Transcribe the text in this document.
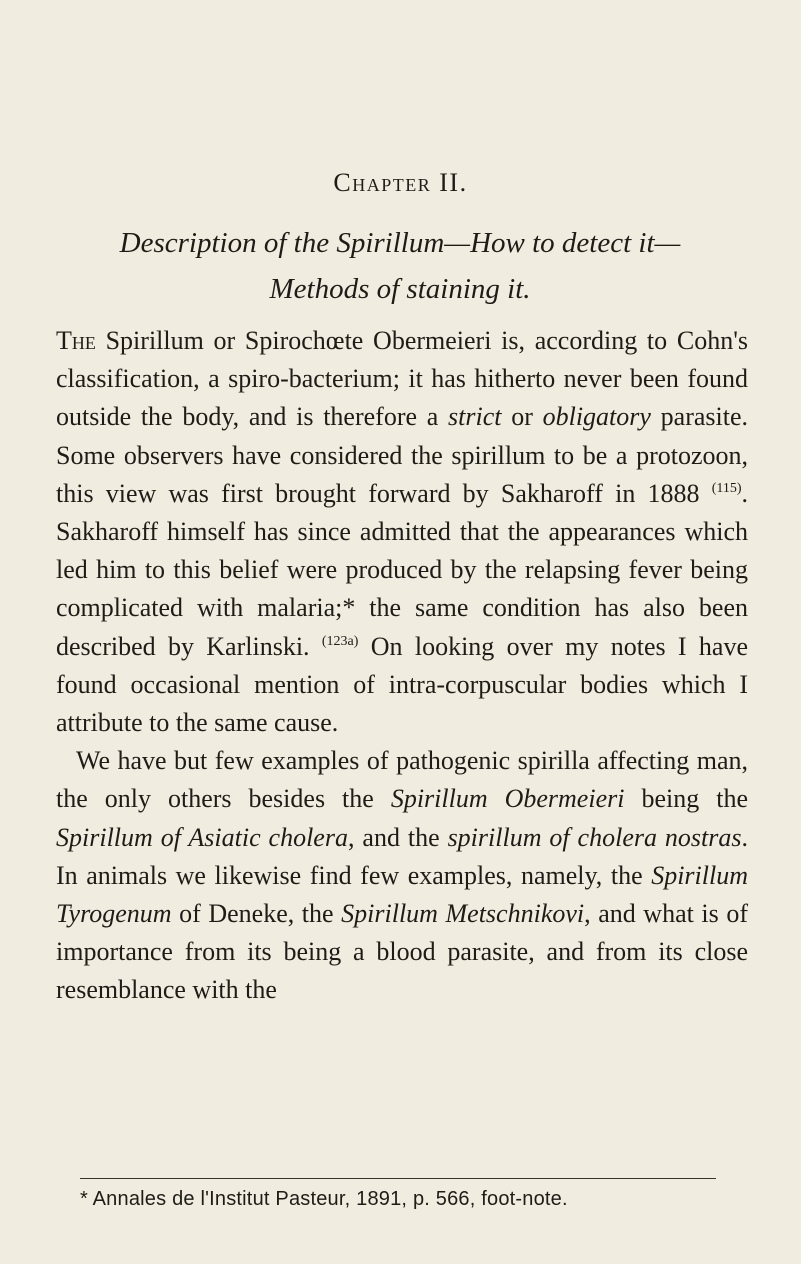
Chapter II.
Description of the Spirillum—How to detect it—
Methods of staining it.

The Spirillum or Spirochœte Obermeieri is, according to Cohn's classification, a spiro-bacterium; it has hitherto never been found outside the body, and is therefore a strict or obligatory parasite. Some observers have considered the spirillum to be a protozoon, this view was first brought forward by Sakharoff in 1888 $^{(115)}$. Sakharoff himself has since admitted that the appearances which led him to this belief were produced by the relapsing fever being complicated with malaria;* the same condition has also been described by Karlinski. $^{(123a)}$ On looking over my notes I have found occasional mention of intra-corpuscular bodies which I attribute to the same cause.

We have but few examples of pathogenic spirilla affecting man, the only others besides the Spirillum Obermeieri being the Spirillum of Asiatic cholera, and the spirillum of cholera nostras. In animals we likewise find few examples, namely, the Spirillum Tyrogenum of Deneke, the Spirillum Metschnikovi, and what is of importance from its being a blood parasite, and from its close resemblance with the

* Annales de l'Institut Pasteur, 1891, p. 566, foot-note.
